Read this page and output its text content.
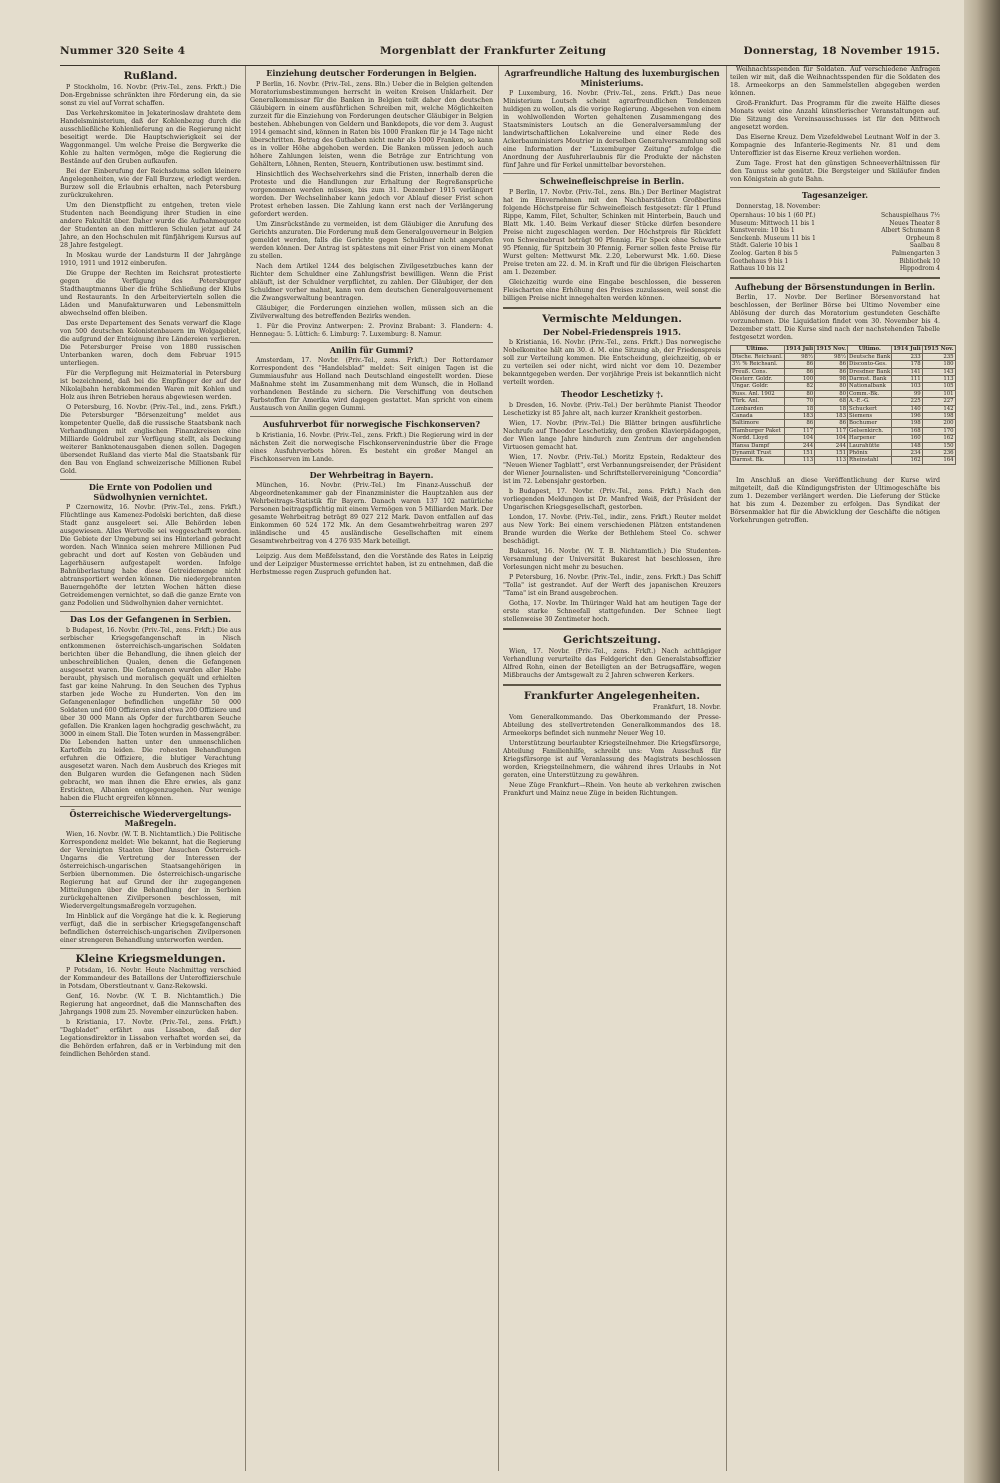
Nummer 320 Seite 4	Morgenblatt der Frankfurter Zeitung	Donnerstag, 18 November 1915.
Rußland.

P Stockholm, 16. Novbr. (Priv.-Tel., zens. Frkft.) Die Don-Ergebnisse schränkten ihre Förderung ein, da sie sonst zu viel auf Vorrat schaffen.

Das Verkehrskomitee in Jekaterinoslaw drahtete dem Handelsministerium, daß der Kohlenbezug durch die ausschließliche Kohlenlieferung an die Regierung nicht beseitigt werde. Die Hauptschwierigkeit sei der Waggonmangel. Um welche Preise die Bergwerke die Kohle zu halten vermögen, möge die Regierung die Bestände auf den Gruben aufkaufen.

Bei der Einberufung der Reichsduma sollen kleinere Angelegenheiten, wie der Fall Burzew, erledigt werden. Burzew soll die Erlaubnis erhalten, nach Petersburg zurückzukehren.

Um den Dienstpflicht zu entgehen, treten viele Studenten nach Beendigung ihrer Studien in eine andere Fakultät über. Daher wurde die Aufnahmequote der Studenten an den mittleren Schulen jetzt auf 24 Jahre, an den Hochschulen mit fünfjährigem Kursus auf 28 Jahre festgelegt.

In Moskau wurde der Landsturm II der Jahrgänge 1910, 1911 und 1912 einberufen.

Die Gruppe der Rechten im Reichsrat protestierte gegen die Verfügung des Petersburger Stadthauptmanns über die frühe Schließung der Klubs und Restaurants. In den Arbeitervierteln sollen die Läden und Manufakturwaren und Lebensmitteln abwechselnd offen bleiben.

Das erste Departement des Senats verwarf die Klage von 500 deutschen Kolonistenbauern im Wolgagebiet, die aufgrund der Enteignung ihre Ländereien verlieren. Die Petersburger Preise von 1880 russischen Unterbanken waren, doch dem Februar 1915 unterliegen.

Für die Verpflegung mit Heizmaterial in Petersburg ist bezeichnend, daß bei die Empfänger der auf der Nikolajbahn herabkommenden Waren mit Kohlen und Holz aus ihren Betrieben heraus abgewiesen werden.

O Petersburg, 16. Novbr. (Priv.-Tel., ind., zens. Frkft.) Die Petersburger "Börsenzeitung" meldet aus kompetenter Quelle, daß die russische Staatsbank nach Verhandlungen mit englischen Finanzkreisen eine Milliarde Goldrubel zur Verfügung stellt, als Deckung weiterer Banknotenausgaben dienen sollen. Dagegen übersendet Rußland das vierte Mal die Staatsbank für den Bau von England schweizerische Millionen Rubel Gold.

Die Ernte von Podolien und Südwolhynien vernichtet.

P Czernowitz, 16. Novbr. (Priv.-Tel., zens. Frkft.) Flüchtlinge aus Kamenez-Podolski berichten, daß diese Stadt ganz ausgeleert sei. Alle Behörden leben ausgewiesen. Alles Wertvolle sei weggeschafft worden. Die Gebiete der Umgebung sei ins Hinterland gebracht worden. Nach Winnica seien mehrere Millionen Pud gebracht und dort auf Kosten von Gebäuden und Lagerhäusern aufgestapelt worden. Infolge Bahnüberlastung habe diese Getreidemenge nicht abtransportiert werden können. Die niedergebrannten Bauerngehöfte der letzten Wochen hätten diese Getreidemengen vernichtet, so daß die ganze Ernte von ganz Podolien und Südwolhynien daher vernichtet.

Das Los der Gefangenen in Serbien.

b Budapest, 16. Novbr. (Priv.-Tel., zens. Frkft.) Die aus serbischer Kriegsgefangenschaft in Nisch entkommenen österreichisch-ungarischen Soldaten berichten über die Behandlung, die ihnen gleich der unbeschreiblichen Qualen, denen die Gefangenen ausgesetzt waren. Die Gefangenen wurden aller Habe beraubt, physisch und moralisch gequält und erhielten fast gar keine Nahrung. In den Seuchen des Typhus starben jede Woche zu Hunderten. Von den im Gefangenenlager befindlichen ungefähr 50 000 Soldaten und 600 Offizieren sind etwa 200 Offiziere und über 30 000 Mann als Opfer der furchtbaren Seuche gefallen. Die Kranken lagen hochgradig geschwächt, zu 3000 in einem Stall. Die Toten wurden in Massengräber. Die Lebenden hatten unter den unmenschlichen Kartoffeln zu leiden. Die rohesten Behandlungen erfuhren die Offiziere, die blutiger Verachtung ausgesetzt waren. Nach dem Ausbruch des Krieges mit den Bulgaren wurden die Gefangenen nach Süden gebracht, wo man ihnen die Ehre erwies, als ganz Erstickten, Albanien entgegenzugehen. Nur wenige haben die Flucht ergreifen können.

Österreichische Wiedervergeltungs-Maßregeln.

Wien, 16. Novbr. (W. T. B. Nichtamtlich.) Die Politische Korrespondenz meldet: Wie bekannt, hat die Regierung der Vereinigten Staaten über Ansuchen Österreich-Ungarns die Vertretung der Interessen der österreichisch-ungarischen Staatsangehörigen in Serbien übernommen. Die österreichisch-ungarische Regierung hat auf Grund der ihr zugegangenen Mitteilungen über die Behandlung der in Serbien zurückgehaltenen Zivilpersonen beschlossen, mit Wiedervergeltungsmaßregeln vorzugehen.

Im Hinblick auf die Vorgänge hat die k. k. Regierung verfügt, daß die in serbischer Kriegsgefangenschaft befindlichen österreichisch-ungarischen Zivilpersonen einer strengeren Behandlung unterworfen werden.

Kleine Kriegsmeldungen.

P Potsdam, 16. Novbr. Heute Nachmittag verschied der Kommandeur des Bataillons der Unteroffizierschule in Potsdam, Oberstleutnant v. Ganz-Rekowski.

Genf, 16. Novbr. (W. T. B. Nichtamtlich.) Die Regierung hat angeordnet, daß die Mannschaften des Jahrgangs 1908 zum 25. November einzurücken haben.

b Kristiania, 17. Novbr. (Priv.-Tel., zens. Frkft.) "Dagbladet" erfährt aus Lissabon, daß der Legationsdirektor in Lissabon verhaftet worden sei, da die Behörden erfahren, daß er in Verbindung mit den feindlichen Behörden stand.

Einziehung deutscher Forderungen in Belgien.

P Berlin, 16. Novbr. (Priv.-Tel., zens. Bln.) Ueber die in Belgien geltenden Moratoriumsbestimmungen herrscht in weiten Kreisen Unklarheit. Der Generalkommissar für die Banken in Belgien teilt daher den deutschen Gläubigern in einem ausführlichen Schreiben mit, welche Möglichkeiten zurzeit für die Einziehung von Forderungen deutscher Gläubiger in Belgien bestehen. Abhebungen von Geldern und Bankdepots, die vor dem 3. August 1914 gemacht sind, können in Raten bis 1000 Franken für je 14 Tage nicht überschritten. Betrag des Guthaben nicht mehr als 1000 Franken, so kann es in voller Höhe abgehoben werden. Die Banken müssen jedoch auch höhere Zahlungen leisten, wenn die Beträge zur Entrichtung von Gehältern, Löhnen, Renten, Steuern, Kontributionen usw. bestimmt sind.

Hinsichtlich des Wechselverkehrs sind die Fristen, innerhalb deren die Proteste und die Handlungen zur Erhaltung der Regreßansprüche vorgenommen werden müssen, bis zum 31. Dezember 1915 verlängert worden. Der Wechselinhaber kann jedoch vor Ablauf dieser Frist schon Protest erheben lassen. Die Zahlung kann erst nach der Verlängerung gefordert werden.

Um Zinsrückstände zu vermeiden, ist dem Gläubiger die Anrufung des Gerichts anzuraten. Die Forderung muß dem Generalgouverneur in Belgien gemeldet werden, falls die Gerichte gegen Schuldner nicht angerufen werden können. Der Antrag ist spätestens mit einer Frist von einem Monat zu stellen.

Nach dem Artikel 1244 des belgischen Zivilgesetzbuches kann der Richter dem Schuldner eine Zahlungsfrist bewilligen. Wenn die Frist abläuft, ist der Schuldner verpflichtet, zu zahlen. Der Gläubiger, der den Schuldner vorher mahnt, kann von dem deutschen Generalgouvernement die Zwangsverwaltung beantragen.

Gläubiger, die Forderungen einziehen wollen, müssen sich an die Zivilverwaltung des betreffenden Bezirks wenden.

1. Für die Provinz Antwerpen: 2. Provinz Brabant: 3. Flandern: 4. Hennegau: 5. Lüttich: 6. Limburg: 7. Luxemburg: 8. Namur.

Anilin für Gummi?

Amsterdam, 17. Novbr. (Priv.-Tel., zens. Frkft.) Der Rotterdamer Korrespondent des "Handelsblad" meldet: Seit einigen Tagen ist die Gummiausfuhr aus Holland nach Deutschland eingestellt worden. Diese Maßnahme steht im Zusammenhang mit dem Wunsch, die in Holland vorhandenen Bestände zu sichern. Die Verschiffung von deutschen Farbstoffen für Amerika wird dagegen gestattet. Man spricht von einem Austausch von Anilin gegen Gummi.

Ausfuhrverbot für norwegische Fischkonserven?

b Kristiania, 16. Novbr. (Priv.-Tel., zens. Frkft.) Die Regierung wird in der nächsten Zeit die norwegische Fischkonservenindustrie über die Frage eines Ausfuhrverbots hören. Es besteht ein großer Mangel an Fischkonserven im Lande.

Der Wehrbeitrag in Bayern.

München, 16. Novbr. (Priv.-Tel.) Im Finanz-Ausschuß der Abgeordnetenkammer gab der Finanzminister die Hauptzahlen aus der Wehrbeitrags-Statistik für Bayern. Danach waren 137 102 natürliche Personen beitragspflichtig mit einem Vermögen von 5 Milliarden Mark. Der gesamte Wehrbeitrag beträgt 89 027 212 Mark. Davon entfallen auf das Einkommen 60 524 172 Mk. An dem Gesamtwehrbeitrag waren 297 inländische und 45 ausländische Gesellschaften mit einem Gesamtwehrbeitrag von 4 276 935 Mark beteiligt.

Leipzig. Aus dem Meßfelsstand, den die Vorstände des Rates in Leipzig und der Leipziger Mustermesse errichtet haben, ist zu entnehmen, daß die Herbstmesse regen Zuspruch gefunden hat.

Agrarfreundliche Haltung des luxemburgischen Ministeriums.

P Luxemburg, 16. Novbr. (Priv.-Tel., zens. Frkft.) Das neue Ministerium Loutsch scheint agrarfreundlichen Tendenzen huldigen zu wollen, als die vorige Regierung. Abgesehen von einem in wohlwollenden Worten gehaltenen Zusammengang des Staatsministers Loutsch an die Generalversammlung der landwirtschaftlichen Lokalvereine und einer Rede des Ackerbauministers Moutrier in derselben Generalversammlung soll eine Information der "Luxemburger Zeitung" zufolge die Anordnung der Ausfuhrerlaubnis für die Produkte der nächsten fünf Jahre und für Ferkel unmittelbar bevorstehen.

Schweinefleischpreise in Berlin.

P Berlin, 17. Novbr. (Priv.-Tel., zens. Bln.) Der Berliner Magistrat hat im Einvernehmen mit den Nachbarstädten Großberlins folgende Höchstpreise für Schweinefleisch festgesetzt: für 1 Pfund Rippe, Kamm, Filet, Schulter, Schinken mit Hinterbein, Bauch und Blatt Mk. 1.40. Beim Verkauf dieser Stücke dürfen besondere Preise nicht zugeschlagen werden. Der Höchstpreis für Rückfett von Schweinebrust beträgt 90 Pfennig. Für Speck ohne Schwarte 95 Pfennig, für Spitzbein 30 Pfennig. Ferner sollen feste Preise für Wurst gelten: Mettwurst Mk. 2.20, Leberwurst Mk. 1.60. Diese Preise treten am 22. d. M. in Kraft und für die übrigen Fleischarten am 1. Dezember.

Gleichzeitig wurde eine Eingabe beschlossen, die besseren Fleischarten eine Erhöhung des Preises zuzulassen, weil sonst die billigen Preise nicht innegehalten werden können.

Vermischte Meldungen.
Der Nobel-Friedenspreis 1915.

b Kristiania, 16. Novbr. (Priv.-Tel., zens. Frkft.) Das norwegische Nobelkomitee hält am 30. d. M. eine Sitzung ab, der Friedenspreis soll zur Verteilung kommen. Die Entscheidung, gleichzeitig, ob er zu verteilen sei oder nicht, wird nicht vor dem 10. Dezember bekanntgegeben werden. Der vorjährige Preis ist bekanntlich nicht verteilt worden.

Theodor Leschetizky †.

b Dresden, 16. Novbr. (Priv.-Tel.) Der berühmte Pianist Theodor Leschetizky ist 85 Jahre alt, nach kurzer Krankheit gestorben.

Wien, 17. Novbr. (Priv.-Tel.) Die Blätter bringen ausführliche Nachrufe auf Theodor Leschetizky, den großen Klavierpädagogen, der Wien lange Jahre hindurch zum Zentrum der angehenden Virtuosen gemacht hat.

Wien, 17. Novbr. (Priv.-Tel.) Moritz Epstein, Redakteur des "Neuen Wiener Tagblatt", erst Verbannungsreisender, der Präsident der Wiener Journalisten- und Schriftstellervereinigung "Concordia" ist im 72. Lebensjahr gestorben.

b Budapest, 17. Novbr. (Priv.-Tel., zens. Frkft.) Nach den vorliegenden Meldungen ist Dr. Manfred Weiß, der Präsident der Ungarischen Kriegsgesellschaft, gestorben.

London, 17. Novbr. (Priv.-Tel., indir., zens. Frkft.) Reuter meldet aus New York: Bei einem verschiedenen Plätzen entstandenen Brande wurden die Werke der Bethlehem Steel Co. schwer beschädigt.

Bukarest, 16. Novbr. (W. T. B. Nichtamtlich.) Die Studenten-Versammlung der Universität Bukarest hat beschlossen, ihre Vorlesungen nicht mehr zu besuchen.

P Petersburg, 16. Novbr. (Priv.-Tel., indir., zens. Frkft.) Das Schiff "Tolla" ist gestrandet. Auf der Werft des japanischen Kreuzers "Tama" ist ein Brand ausgebrochen.

Gotha, 17. Novbr. Im Thüringer Wald hat am heutigen Tage der erste starke Schneefall stattgefunden. Der Schnee liegt stellenweise 30 Zentimeter hoch.

Gerichtszeitung.

Wien, 17. Novbr. (Priv.-Tel., zens. Frkft.) Nach achttägiger Verhandlung verurteilte das Feldgericht den Generalstabsoffizier Alfred Rohn, einen der Beteiligten an der Betrugsaffäre, wegen Mißbrauchs der Amtsgewalt zu 2 Jahren schweren Kerkers.

Frankfurter Angelegenheiten.

Frankfurt, 18. Novbr.

Vom Generalkommando. Das Oberkommando der Presse-Abteilung des stellvertretenden Generalkommandos des 18. Armeekorps befindet sich nunmehr Neuer Weg 10.

Unterstützung beurlaubter Kriegsteilnehmer. Die Kriegsfürsorge, Abteilung Familienhilfe, schreibt uns: Vom Ausschuß für Kriegsfürsorge ist auf Veranlassung des Magistrats beschlossen worden, Kriegsteilnehmern, die während ihres Urlaubs in Not geraten, eine Unterstützung zu gewähren.

Neue Züge Frankfurt—Rhein. Von heute ab verkehren zwischen Frankfurt und Mainz neue Züge in beiden Richtungen.

Weihnachtsspenden für Soldaten. Auf verschiedene Anfragen teilen wir mit, daß die Weihnachtsspenden für die Soldaten des 18. Armeekorps an den Sammelstellen abgegeben werden können.

Groß-Frankfurt. Das Programm für die zweite Hälfte dieses Monats weist eine Anzahl künstlerischer Veranstaltungen auf. Die Sitzung des Vereinsausschusses ist für den Mittwoch angesetzt worden.

Das Eiserne Kreuz. Dem Vizefeldwebel Leutnant Wolf in der 3. Kompagnie des Infanterie-Regiments Nr. 81 und dem Unteroffizier ist das Eiserne Kreuz verliehen worden.

Zum Tage. Frost hat den günstigen Schneeverhältnissen für den Taunus sehr genützt. Die Bergsteiger und Skiläufer finden von Königstein ab gute Bahn.

Tagesanzeiger.

Donnerstag, 18. November:

Opernhaus: 10 bis 1 (60 Pf.)	Schauspielhaus 7½
Museum: Mittwoch 11 bis 1	Neues Theater 8
Kunstverein: 10 bis 1	Albert Schumann 8
Senckenb. Museum 11 bis 1	Orpheum 8
Städt. Galerie 10 bis 1	Saalbau 8
Zoolog. Garten 8 bis 5	Palmengarten 3
Goethehaus 9 bis 1	Bibliothek 10
Rathaus 10 bis 12	Hippodrom 4
Aufhebung der Börsenstundungen in Berlin.

Berlin, 17. Novbr. Der Berliner Börsenvorstand hat beschlossen, der Berliner Börse bei Ultimo November eine Ablösung der durch das Moratorium gestundeten Geschäfte vorzunehmen. Die Liquidation findet vom 30. November bis 4. Dezember statt. Die Kurse sind nach der nachstehenden Tabelle festgesetzt worden.

Ultimo.	1914 Juli	1915 Nov.	Ultimo.	1914 Juli	1915 Nov.
Dtsche. Reichsanl.	98½	98½	Deutsche Bank	233	235
3½ % Reichsanl.	86	86	Disconto-Ges.	178	180
Preuß. Cons.	86	86	Dresdner Bank	141	143
Oesterr. Goldr.	100	98	Darmst. Bank	111	113
Ungar. Goldr.	82	80	Nationalbank	103	105
Russ. Anl. 1902	80	80	Comm.-Bk.	99	101
Türk. Anl.	70	68	A.-E.-G.	225	227
Lombarden	18	18	Schuckert	140	142
Canada	183	183	Siemens	196	198
Baltimore	86	86	Bochumer	198	200
Hamburger Paket	117	117	Gelsenkirch.	168	170
Nordd. Lloyd	104	104	Harpener	160	162
Hansa Dampf	244	244	Laurahütte	148	150
Dynamit Trust	151	151	Phönix	234	236
Darmst. Bk.	113	113	Rheinstahl	162	164

Im Anschluß an diese Veröffentlichung der Kurse wird mitgeteilt, daß die Kündigungsfristen der Ultimogeschäfte bis zum 1. Dezember verlängert werden. Die Lieferung der Stücke hat bis zum 4. Dezember zu erfolgen. Das Syndikat der Börsenmakler hat für die Abwicklung der Geschäfte die nötigen Vorkehrungen getroffen.
